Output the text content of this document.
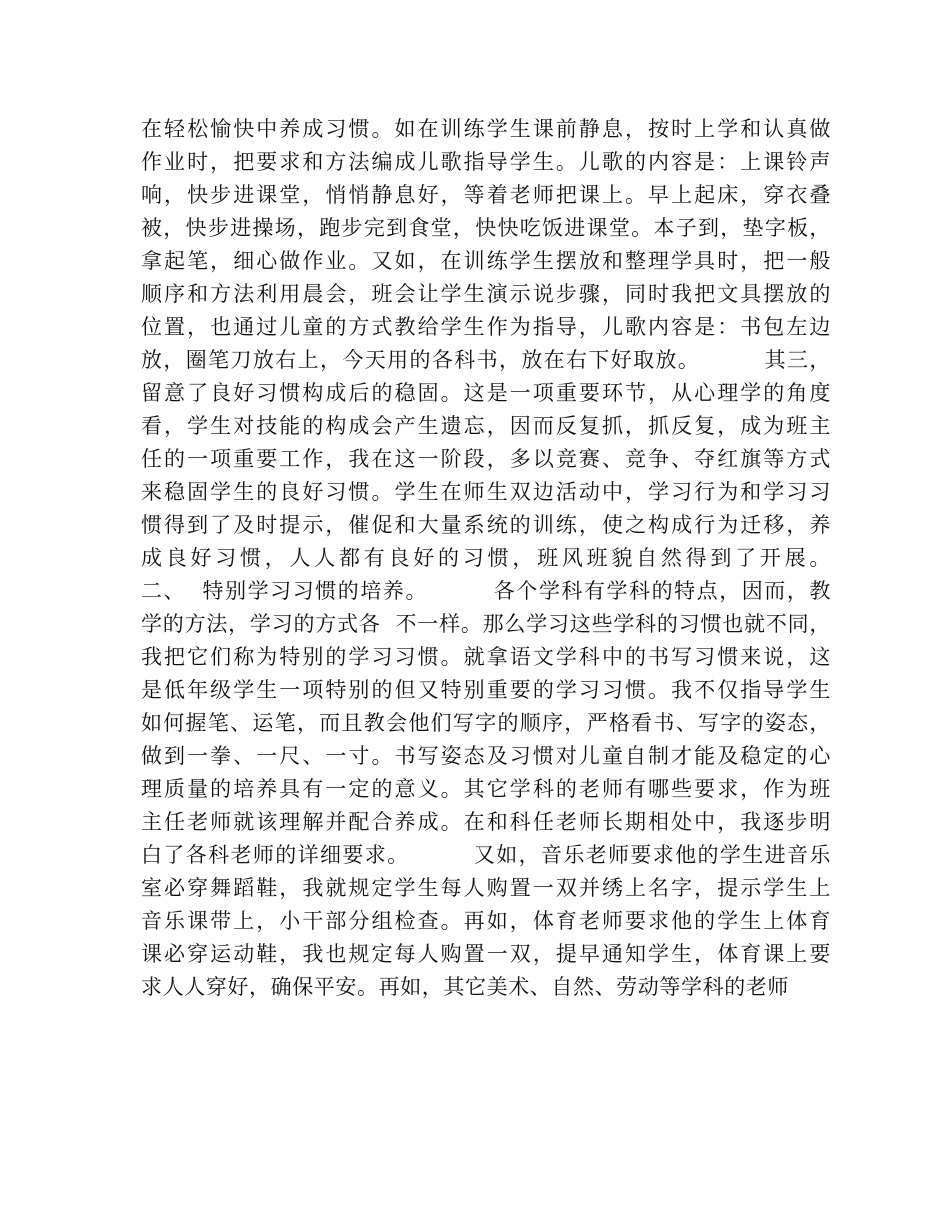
在轻松愉快中养成习惯。如在训练学生课前静息，按时上学和认真做
作业时，把要求和方法编成儿歌指导学生。儿歌的内容是：上课铃声
响，快步进课堂，悄悄静息好，等着老师把课上。早上起床，穿衣叠
被，快步进操场，跑步完到食堂，快快吃饭进课堂。本子到，垫字板，
拿起笔，细心做作业。又如，在训练学生摆放和整理学具时，把一般
顺序和方法利用晨会，班会让学生演示说步骤，同时我把文具摆放的
位置，也通过儿童的方式教给学生作为指导，儿歌内容是：书包左边
放，圈笔刀放右上，今天用的各科书，放在右下好取放。        其三，
留意了良好习惯构成后的稳固。这是一项重要环节，从心理学的角度
看，学生对技能的构成会产生遗忘，因而反复抓，抓反复，成为班主
任的一项重要工作，我在这一阶段，多以竞赛、竞争、夺红旗等方式
来稳固学生的良好习惯。学生在师生双边活动中，学习行为和学习习
惯得到了及时提示，催促和大量系统的训练，使之构成行为迁移，养
成良好习惯，人人都有良好的习惯，班风班貌自然得到了开展。
二、  特别学习习惯的培养。        各个学科有学科的特点，因而，教
学的方法，学习的方式各  不一样。那么学习这些学科的习惯也就不同，
我把它们称为特别的学习习惯。就拿语文学科中的书写习惯来说，这
是低年级学生一项特别的但又特别重要的学习习惯。我不仅指导学生
如何握笔、运笔，而且教会他们写字的顺序，严格看书、写字的姿态，
做到一拳、一尺、一寸。书写姿态及习惯对儿童自制才能及稳定的心
理质量的培养具有一定的意义。其它学科的老师有哪些要求，作为班
主任老师就该理解并配合养成。在和科任老师长期相处中，我逐步明
白了各科老师的详细要求。        又如，音乐老师要求他的学生进音乐
室必穿舞蹈鞋，我就规定学生每人购置一双并绣上名字，提示学生上
音乐课带上，小干部分组检查。再如，体育老师要求他的学生上体育
课必穿运动鞋，我也规定每人购置一双，提早通知学生，体育课上要
求人人穿好，确保平安。再如，其它美术、自然、劳动等学科的老师
